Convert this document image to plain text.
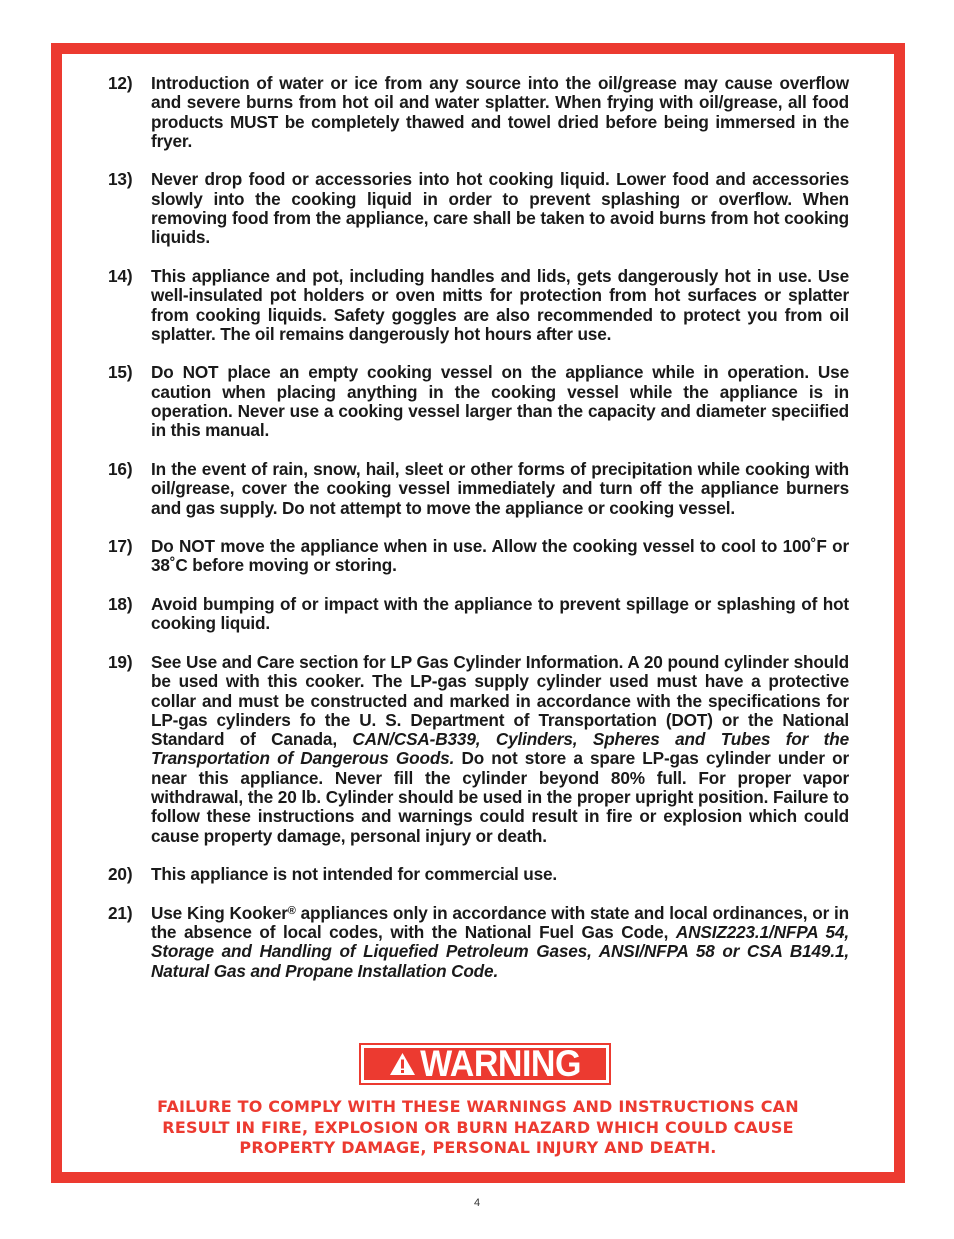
12)	Introduction of water or ice from any source into the oil/grease may cause overflow and severe burns from hot oil and water splatter. When frying with oil/grease, all food products MUST be completely thawed and towel dried before being immersed in the fryer.
13)	Never drop food or accessories into hot cooking liquid. Lower food and accessories slowly into the cooking liquid in order to prevent splashing or overflow. When removing food from the appliance, care shall be taken to avoid burns from hot cooking liquids.
14)	This appliance and pot, including handles and lids, gets dangerously hot in use. Use well-insulated pot holders or oven mitts for protection from hot surfaces or splatter from cooking liquids. Safety goggles are also recommended to protect you from oil splatter. The oil remains dangerously hot hours after use.
15)	Do NOT place an empty cooking vessel on the appliance while in operation. Use caution when placing anything in the cooking vessel while the appliance is in operation. Never use a cooking vessel larger than the capacity and diameter speciified in this manual.
16)	In the event of rain, snow, hail, sleet or other forms of precipitation while cooking with oil/grease, cover the cooking vessel immediately and turn off the appliance burners and gas supply. Do not attempt to move the appliance or cooking vessel.
17)	Do NOT move the appliance when in use. Allow the cooking vessel to cool to 100˚F or 38˚C before moving or storing.
18)	Avoid bumping of or impact with the appliance to prevent spillage or splashing of hot cooking liquid.
19)	See Use and Care section for LP Gas Cylinder Information. A 20 pound cylinder should be used with this cooker. The LP-gas supply cylinder used must have a protective collar and must be constructed and marked in accordance with the specifications for LP-gas cylinders fo the U. S. Department of Transportation (DOT) or the National Standard of Canada, CAN/CSA-B339, Cylinders, Spheres and Tubes for the Transportation of Dangerous Goods. Do not store a spare LP-gas cylinder under or near this appliance. Never fill the cylinder beyond 80% full. For proper vapor withdrawal, the 20 lb. Cylinder should be used in the proper upright position. Failure to follow these instructions and warnings could result in fire or explosion which could cause property damage, personal injury or death.
20)	This appliance is not intended for commercial use.
21)	Use King Kooker® appliances only in accordance with state and local ordinances, or in the absence of local codes, with the National Fuel Gas Code, ANSIZ223.1/NFPA 54, Storage and Handling of Liquefied Petroleum Gases, ANSI/NFPA 58 or CSA B149.1, Natural Gas and Propane Installation Code.
WARNING
FAILURE TO COMPLY WITH THESE WARNINGS AND INSTRUCTIONS CAN
RESULT IN FIRE, EXPLOSION OR BURN HAZARD WHICH COULD CAUSE
PROPERTY DAMAGE, PERSONAL INJURY AND DEATH.
4
